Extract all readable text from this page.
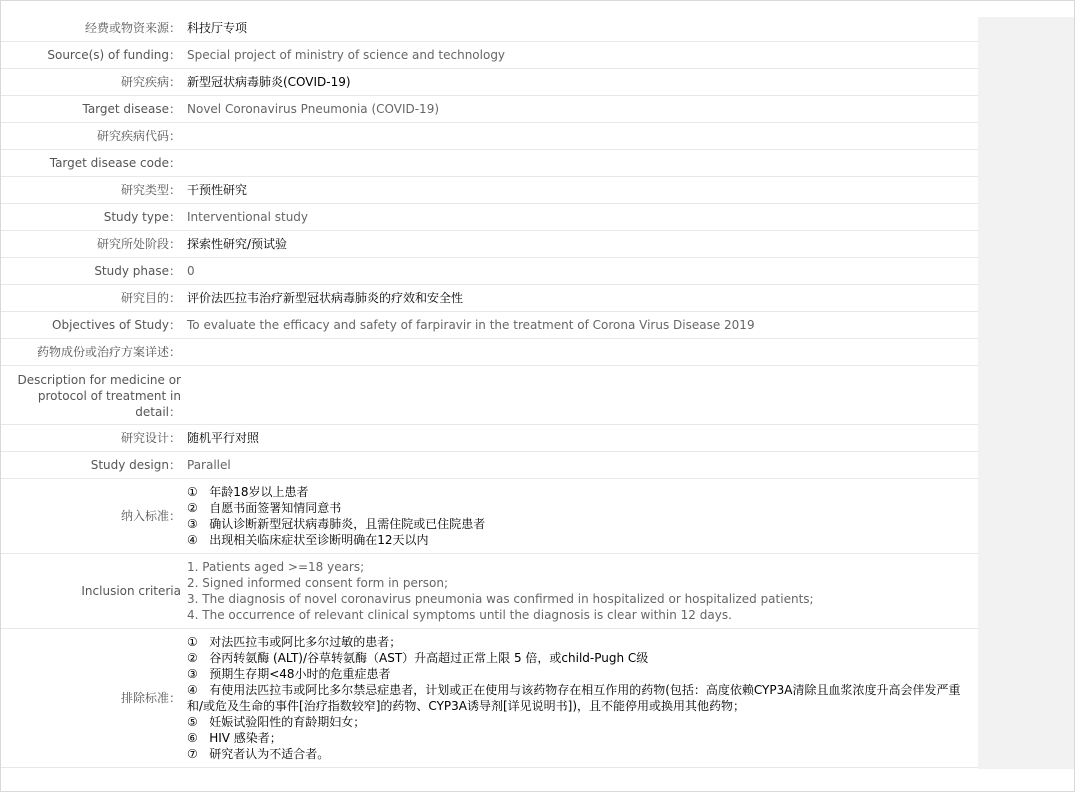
经费或物资来源： 科技厅专项
Source(s) of funding： Special project of ministry of science and technology
研究疾病： 新型冠状病毒肺炎(COVID-19)
Target disease： Novel Coronavirus Pneumonia (COVID-19)
研究疾病代码：
Target disease code：
研究类型： 干预性研究
Study type： Interventional study
研究所处阶段： 探索性研究/预试验
Study phase： 0
研究目的： 评价法匹拉韦治疗新型冠状病毒肺炎的疗效和安全性
Objectives of Study： To evaluate the efficacy and safety of farpiravir in the treatment of Corona Virus Disease 2019
药物成份或治疗方案详述：
Description for medicine or
protocol of treatment in
detail：
研究设计： 随机平行对照
Study design： Parallel
纳入标准：
①   年龄18岁以上患者
②   自愿书面签署知情同意书
③   确认诊断新型冠状病毒肺炎，且需住院或已住院患者
④   出现相关临床症状至诊断明确在12天以内
Inclusion criteria
1. Patients aged >=18 years;
2. Signed informed consent form in person;
3. The diagnosis of novel coronavirus pneumonia was confirmed in hospitalized or hospitalized patients;
4. The occurrence of relevant clinical symptoms until the diagnosis is clear within 12 days.
排除标准：
①   对法匹拉韦或阿比多尔过敏的患者；
②   谷丙转氨酶 (ALT)/谷草转氨酶（AST）升高超过正常上限 5 倍，或child-Pugh C级
③   预期生存期<48小时的危重症患者
④   有使用法匹拉韦或阿比多尔禁忌症患者，计划或正在使用与该药物存在相互作用的药物(包括：高度依赖CYP3A清除且血浆浓度升高会伴发严重
和/或危及生命的事件[治疗指数较窄]的药物、CYP3A诱导剂[详见说明书])，且不能停用或换用其他药物；
⑤   妊娠试验阳性的育龄期妇女；
⑥   HIV 感染者；
⑦   研究者认为不适合者。
